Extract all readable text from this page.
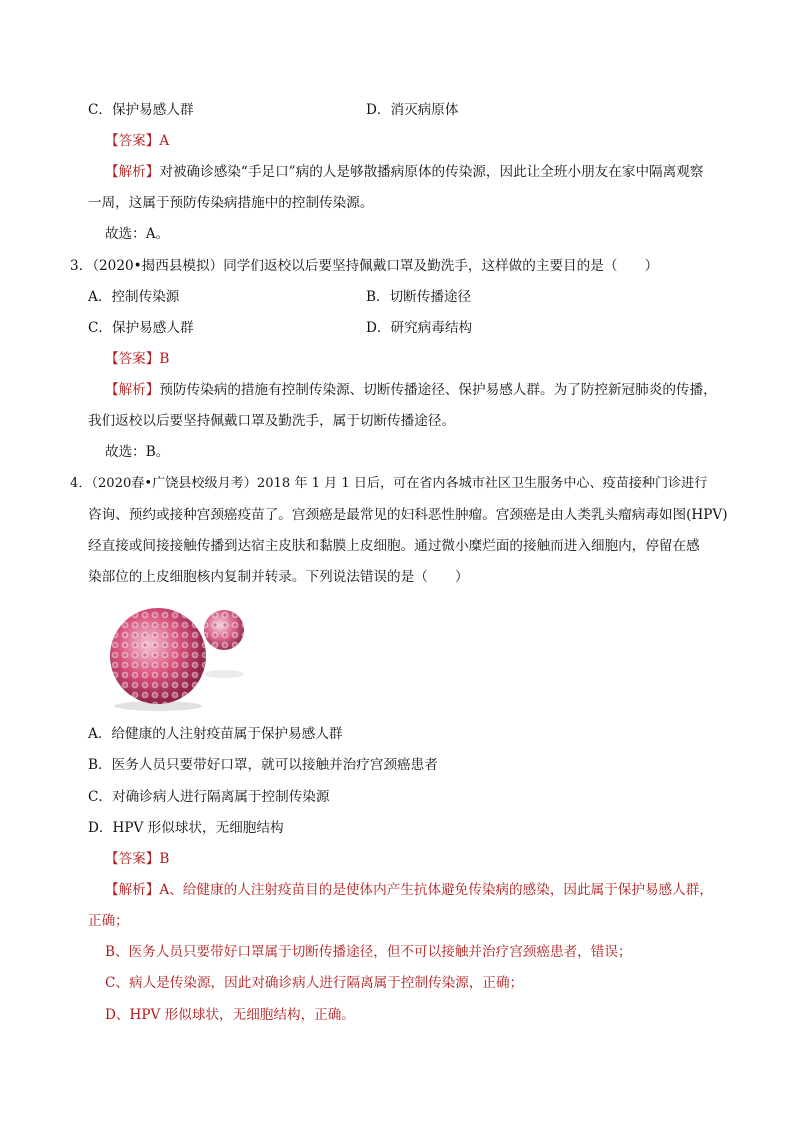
C．保护易感人群	D．消灭病原体
【答案】A
【解析】对被确诊感染“手足口”病的人是够散播病原体的传染源，因此让全班小朋友在家中隔离观察
一周，这属于预防传染病措施中的控制传染源。
故选：A。
3．（2020•揭西县模拟）同学们返校以后要坚持佩戴口罩及勤洗手，这样做的主要目的是（　　）
A．控制传染源	B．切断传播途径
C．保护易感人群	D．研究病毒结构
【答案】B
【解析】预防传染病的措施有控制传染源、切断传播途径、保护易感人群。为了防控新冠肺炎的传播，
我们返校以后要坚持佩戴口罩及勤洗手，属于切断传播途径。
故选：B。
4．（2020春•广饶县校级月考）2018 年 1 月 1 日后，可在省内各城市社区卫生服务中心、疫苗接种门诊进行
咨询、预约或接种宫颈癌疫苗了。宫颈癌是最常见的妇科恶性肿瘤。宫颈癌是由人类乳头瘤病毒如图(HPV)
经直接或间接接触传播到达宿主皮肤和黏膜上皮细胞。通过微小糜烂面的接触而进入细胞内，停留在感
染部位的上皮细胞核内复制并转录。下列说法错误的是（　　）
A．给健康的人注射疫苗属于保护易感人群
B．医务人员只要带好口罩，就可以接触并治疗宫颈癌患者
C．对确诊病人进行隔离属于控制传染源
D．HPV 形似球状，无细胞结构
【答案】B
【解析】A、给健康的人注射疫苗目的是使体内产生抗体避免传染病的感染，因此属于保护易感人群，
正确；
B、医务人员只要带好口罩属于切断传播途径，但不可以接触并治疗宫颈癌患者，错误；
C、病人是传染源，因此对确诊病人进行隔离属于控制传染源，正确；
D、HPV 形似球状，无细胞结构，正确。
